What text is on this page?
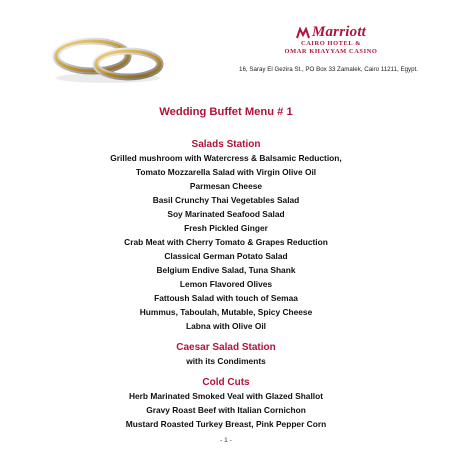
Marriott
CAIRO HOTEL &
OMAR KHAYYAM CASINO
16, Saray El Gezira St., PO Box 33 Zamalek, Cairo 11211, Egypt.
Wedding Buffet Menu # 1
Salads Station
Grilled mushroom with Watercress & Balsamic Reduction,
Tomato Mozzarella Salad with Virgin Olive Oil
Parmesan Cheese
Basil Crunchy Thai Vegetables Salad
Soy Marinated Seafood Salad
Fresh Pickled Ginger
Crab Meat with Cherry Tomato & Grapes Reduction
Classical German Potato Salad
Belgium Endive Salad, Tuna Shank
Lemon Flavored Olives
Fattoush Salad with touch of Semaa
Hummus, Taboulah, Mutable, Spicy Cheese
Labna with Olive Oil
Caesar Salad Station
with its Condiments
Cold Cuts
Herb Marinated Smoked Veal with Glazed Shallot
Gravy Roast Beef with Italian Cornichon
Mustard Roasted Turkey Breast, Pink Pepper Corn
- 1 -
